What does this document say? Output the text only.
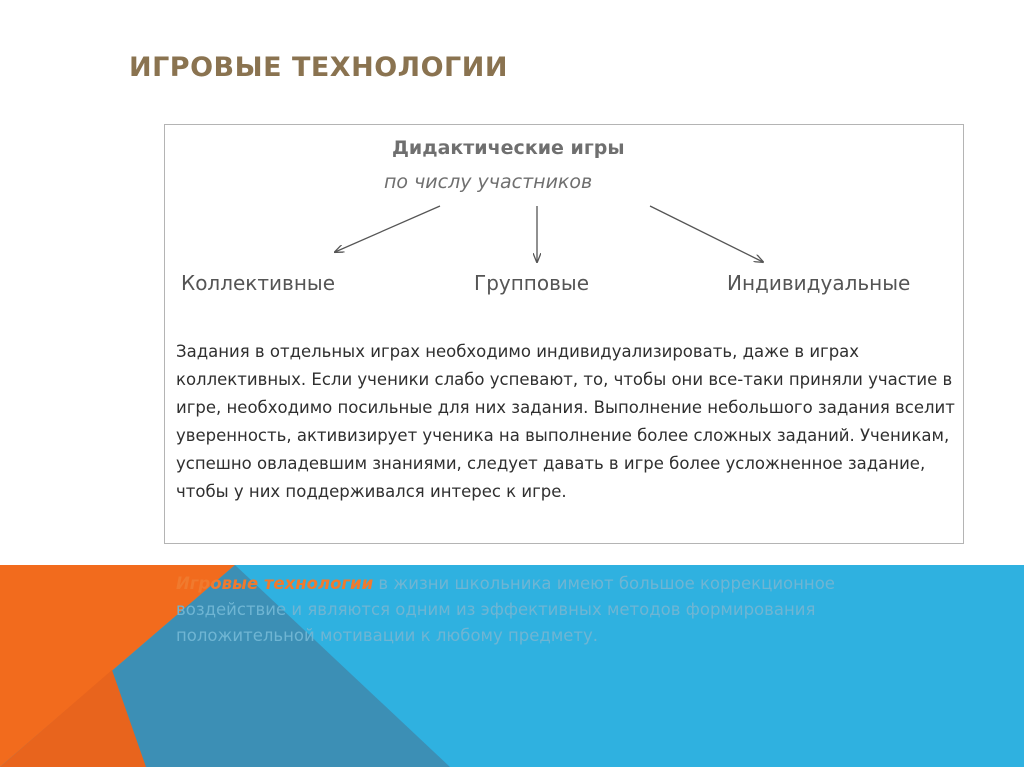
ИГРОВЫЕ ТЕХНОЛОГИИ
Дидактические игры
по числу участников
Коллективные	Групповые	Индивидуальные
Задания в отдельных играх необходимо индивидуализировать, даже в играх коллективных. Если ученики слабо успевают, то, чтобы они все-таки приняли участие в игре, необходимо посильные для них задания. Выполнение небольшого задания вселит уверенность, активизирует ученика на выполнение более сложных заданий. Ученикам, успешно овладевшим знаниями, следует давать в игре более усложненное задание, чтобы у них поддерживался интерес к игре.
Игровые технологии в жизни школьника имеют большое коррекционное воздействие и являются одним из эффективных методов формирования положительной мотивации к любому предмету.
